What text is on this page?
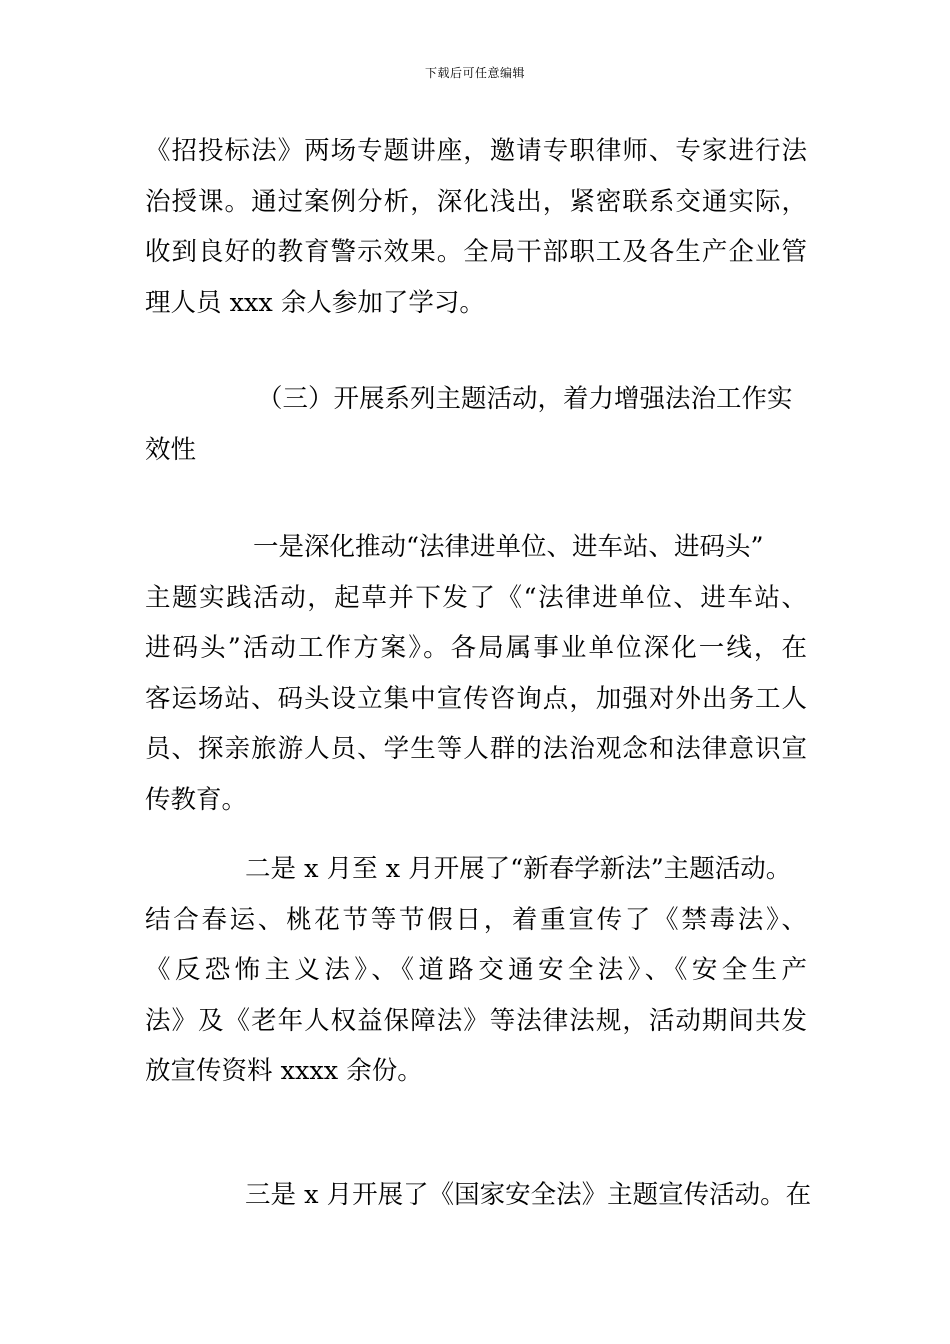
下载后可任意编辑
《招投标法》两场专题讲座，邀请专职律师、专家进行法
治授课。通过案例分析，深化浅出，紧密联系交通实际，
收到良好的教育警示效果。全局干部职工及各生产企业管
理人员 xxx 余人参加了学习。
（三）开展系列主题活动，着力增强法治工作实
效性
一是深化推动“法律进单位、进车站、进码头”
主题实践活动，起草并下发了《“法律进单位、进车站、
进码头”活动工作方案》。各局属事业单位深化一线，在
客运场站、码头设立集中宣传咨询点，加强对外出务工人
员、探亲旅游人员、学生等人群的法治观念和法律意识宣
传教育。
二是 x 月至 x 月开展了“新春学新法”主题活动。
结合春运、桃花节等节假日，着重宣传了《禁毒法》、
《反恐怖主义法》、《道路交通安全法》、《安全生产
法》及《老年人权益保障法》等法律法规，活动期间共发
放宣传资料 xxxx 余份。
三是 x 月开展了《国家安全法》主题宣传活动。在
